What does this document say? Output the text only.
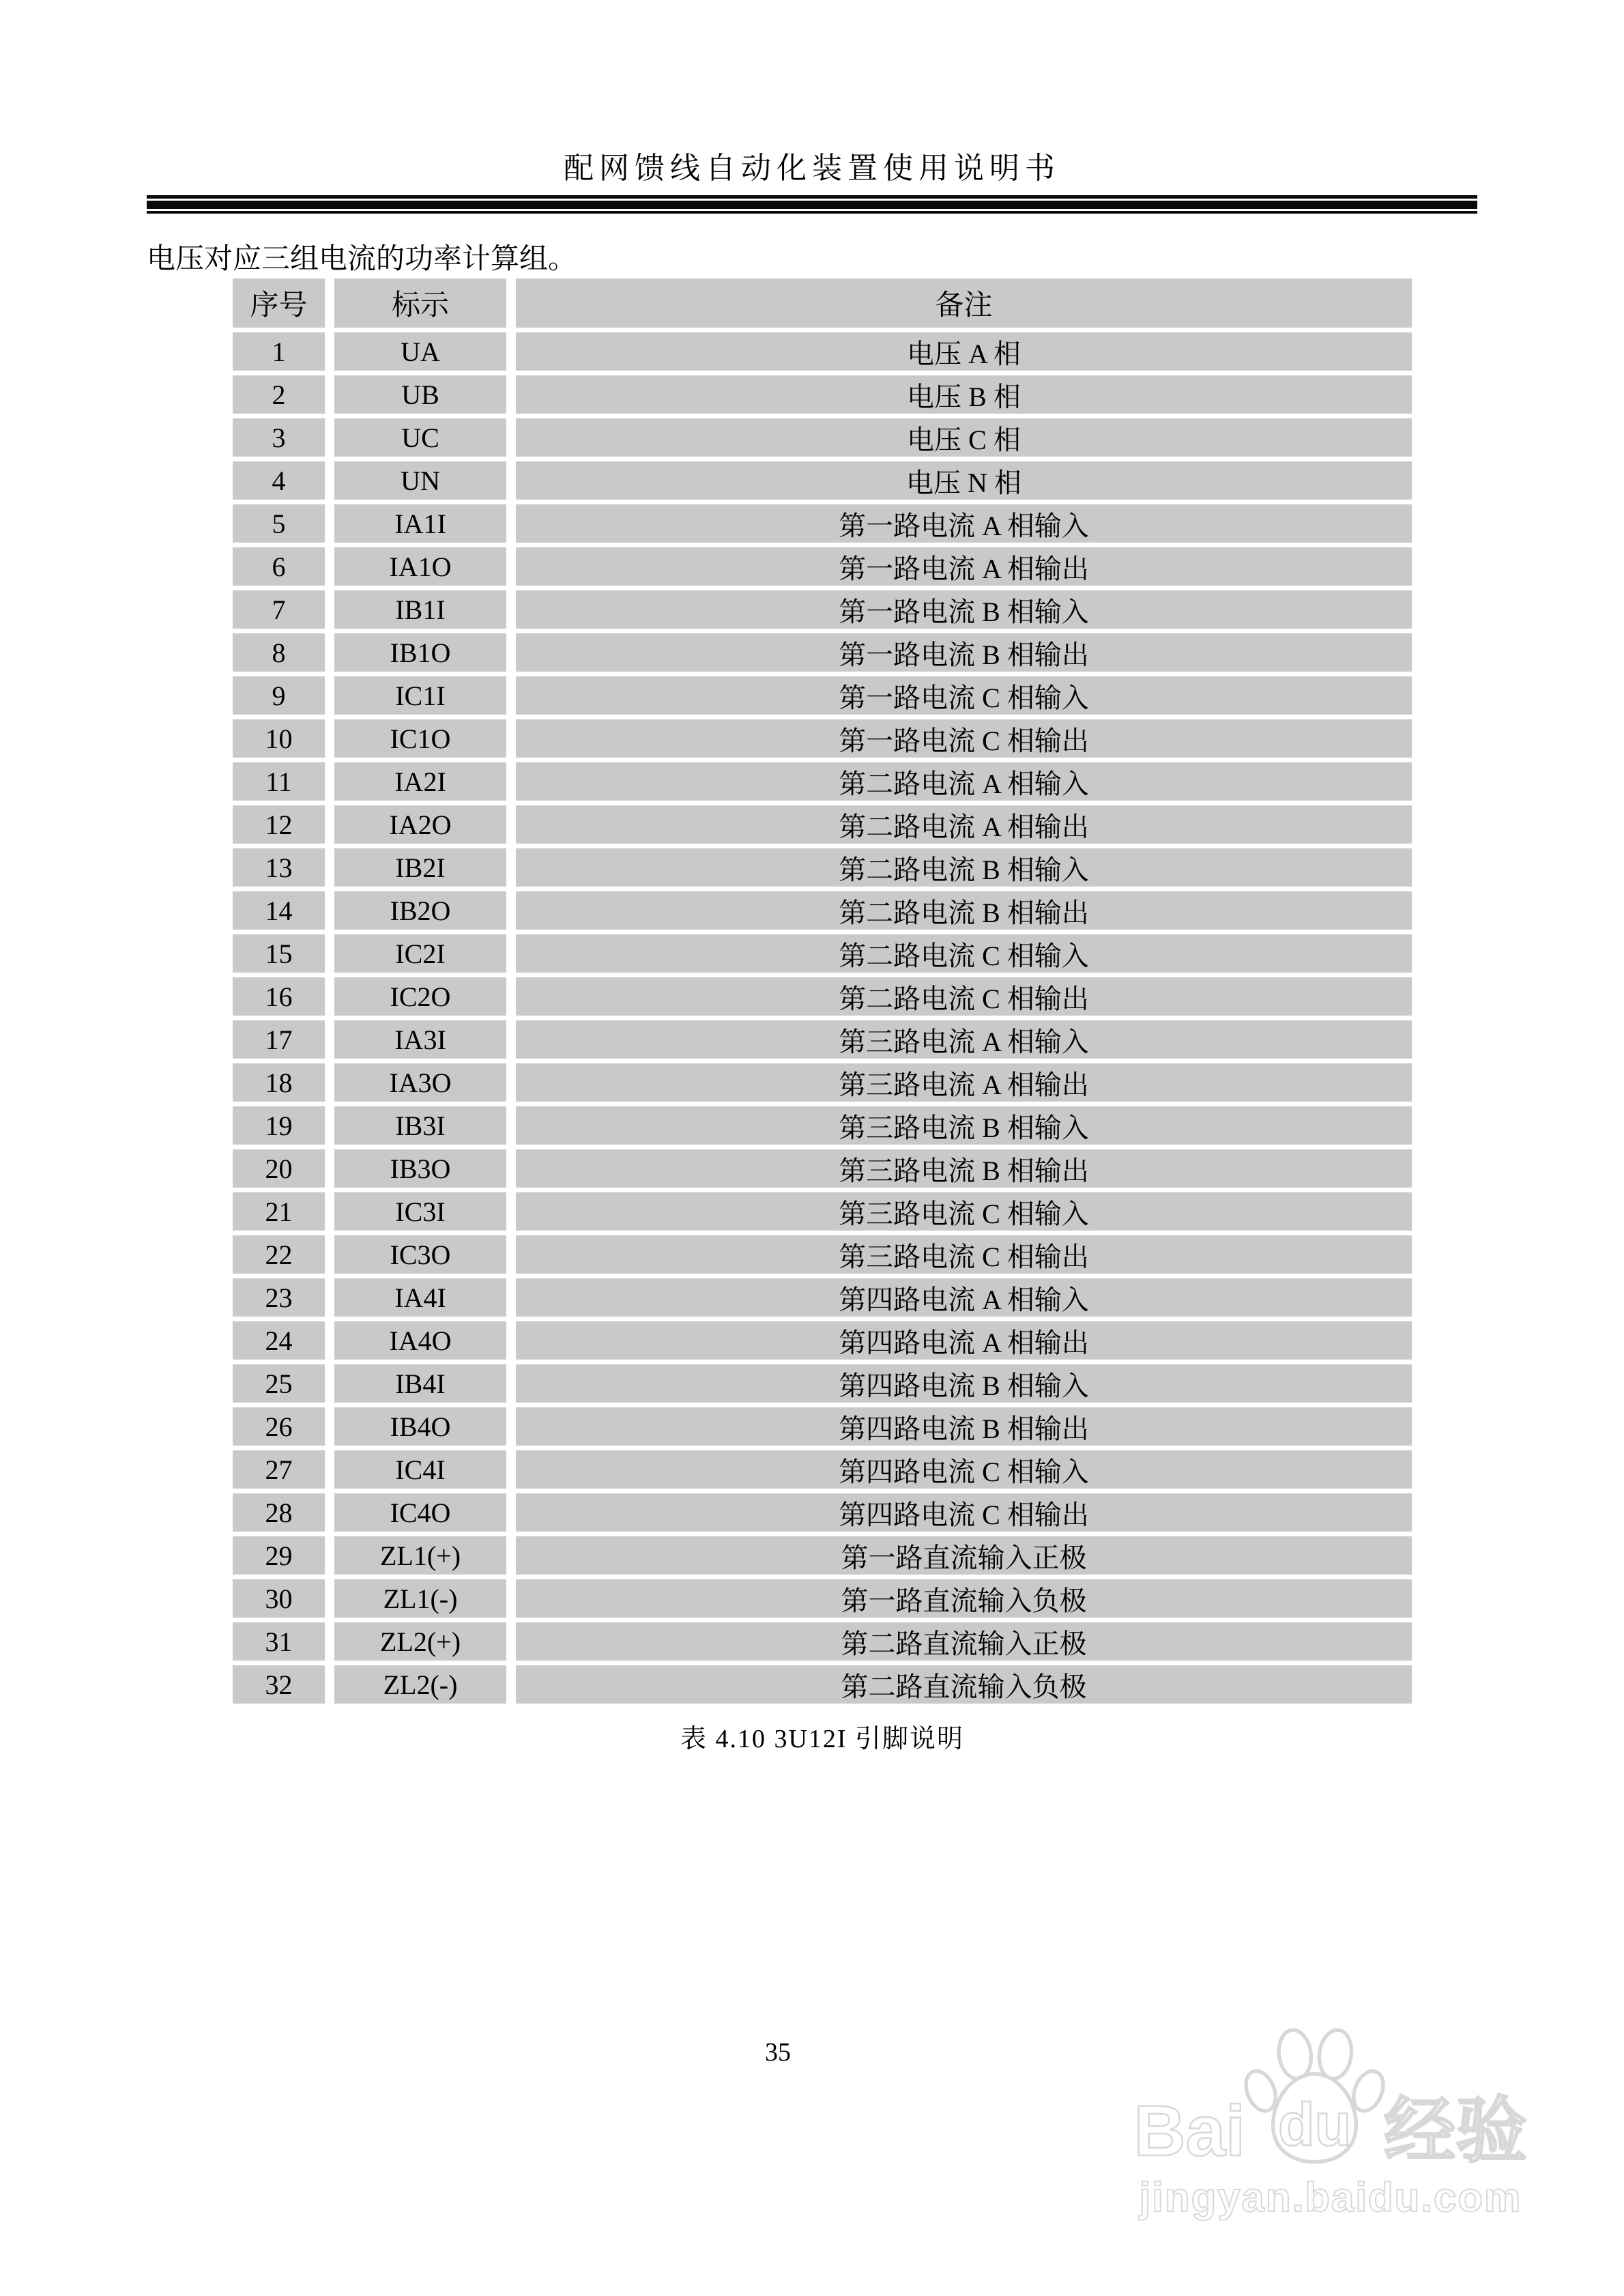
配网馈线自动化装置使用说明书
电压对应三组电流的功率计算组。
序号	标示	备注
1	UA	电压 A 相
2	UB	电压 B 相
3	UC	电压 C 相
4	UN	电压 N 相
5	IA1I	第一路电流 A 相输入
6	IA1O	第一路电流 A 相输出
7	IB1I	第一路电流 B 相输入
8	IB1O	第一路电流 B 相输出
9	IC1I	第一路电流 C 相输入
10	IC1O	第一路电流 C 相输出
11	IA2I	第二路电流 A 相输入
12	IA2O	第二路电流 A 相输出
13	IB2I	第二路电流 B 相输入
14	IB2O	第二路电流 B 相输出
15	IC2I	第二路电流 C 相输入
16	IC2O	第二路电流 C 相输出
17	IA3I	第三路电流 A 相输入
18	IA3O	第三路电流 A 相输出
19	IB3I	第三路电流 B 相输入
20	IB3O	第三路电流 B 相输出
21	IC3I	第三路电流 C 相输入
22	IC3O	第三路电流 C 相输出
23	IA4I	第四路电流 A 相输入
24	IA4O	第四路电流 A 相输出
25	IB4I	第四路电流 B 相输入
26	IB4O	第四路电流 B 相输出
27	IC4I	第四路电流 C 相输入
28	IC4O	第四路电流 C 相输出
29	ZL1(+)	第一路直流输入正极
30	ZL1(-)	第一路直流输入负极
31	ZL2(+)	第二路直流输入正极
32	ZL2(-)	第二路直流输入负极
表 4.10 3U12I 引脚说明
35
Bai du 经验
jingyan.baidu.com
